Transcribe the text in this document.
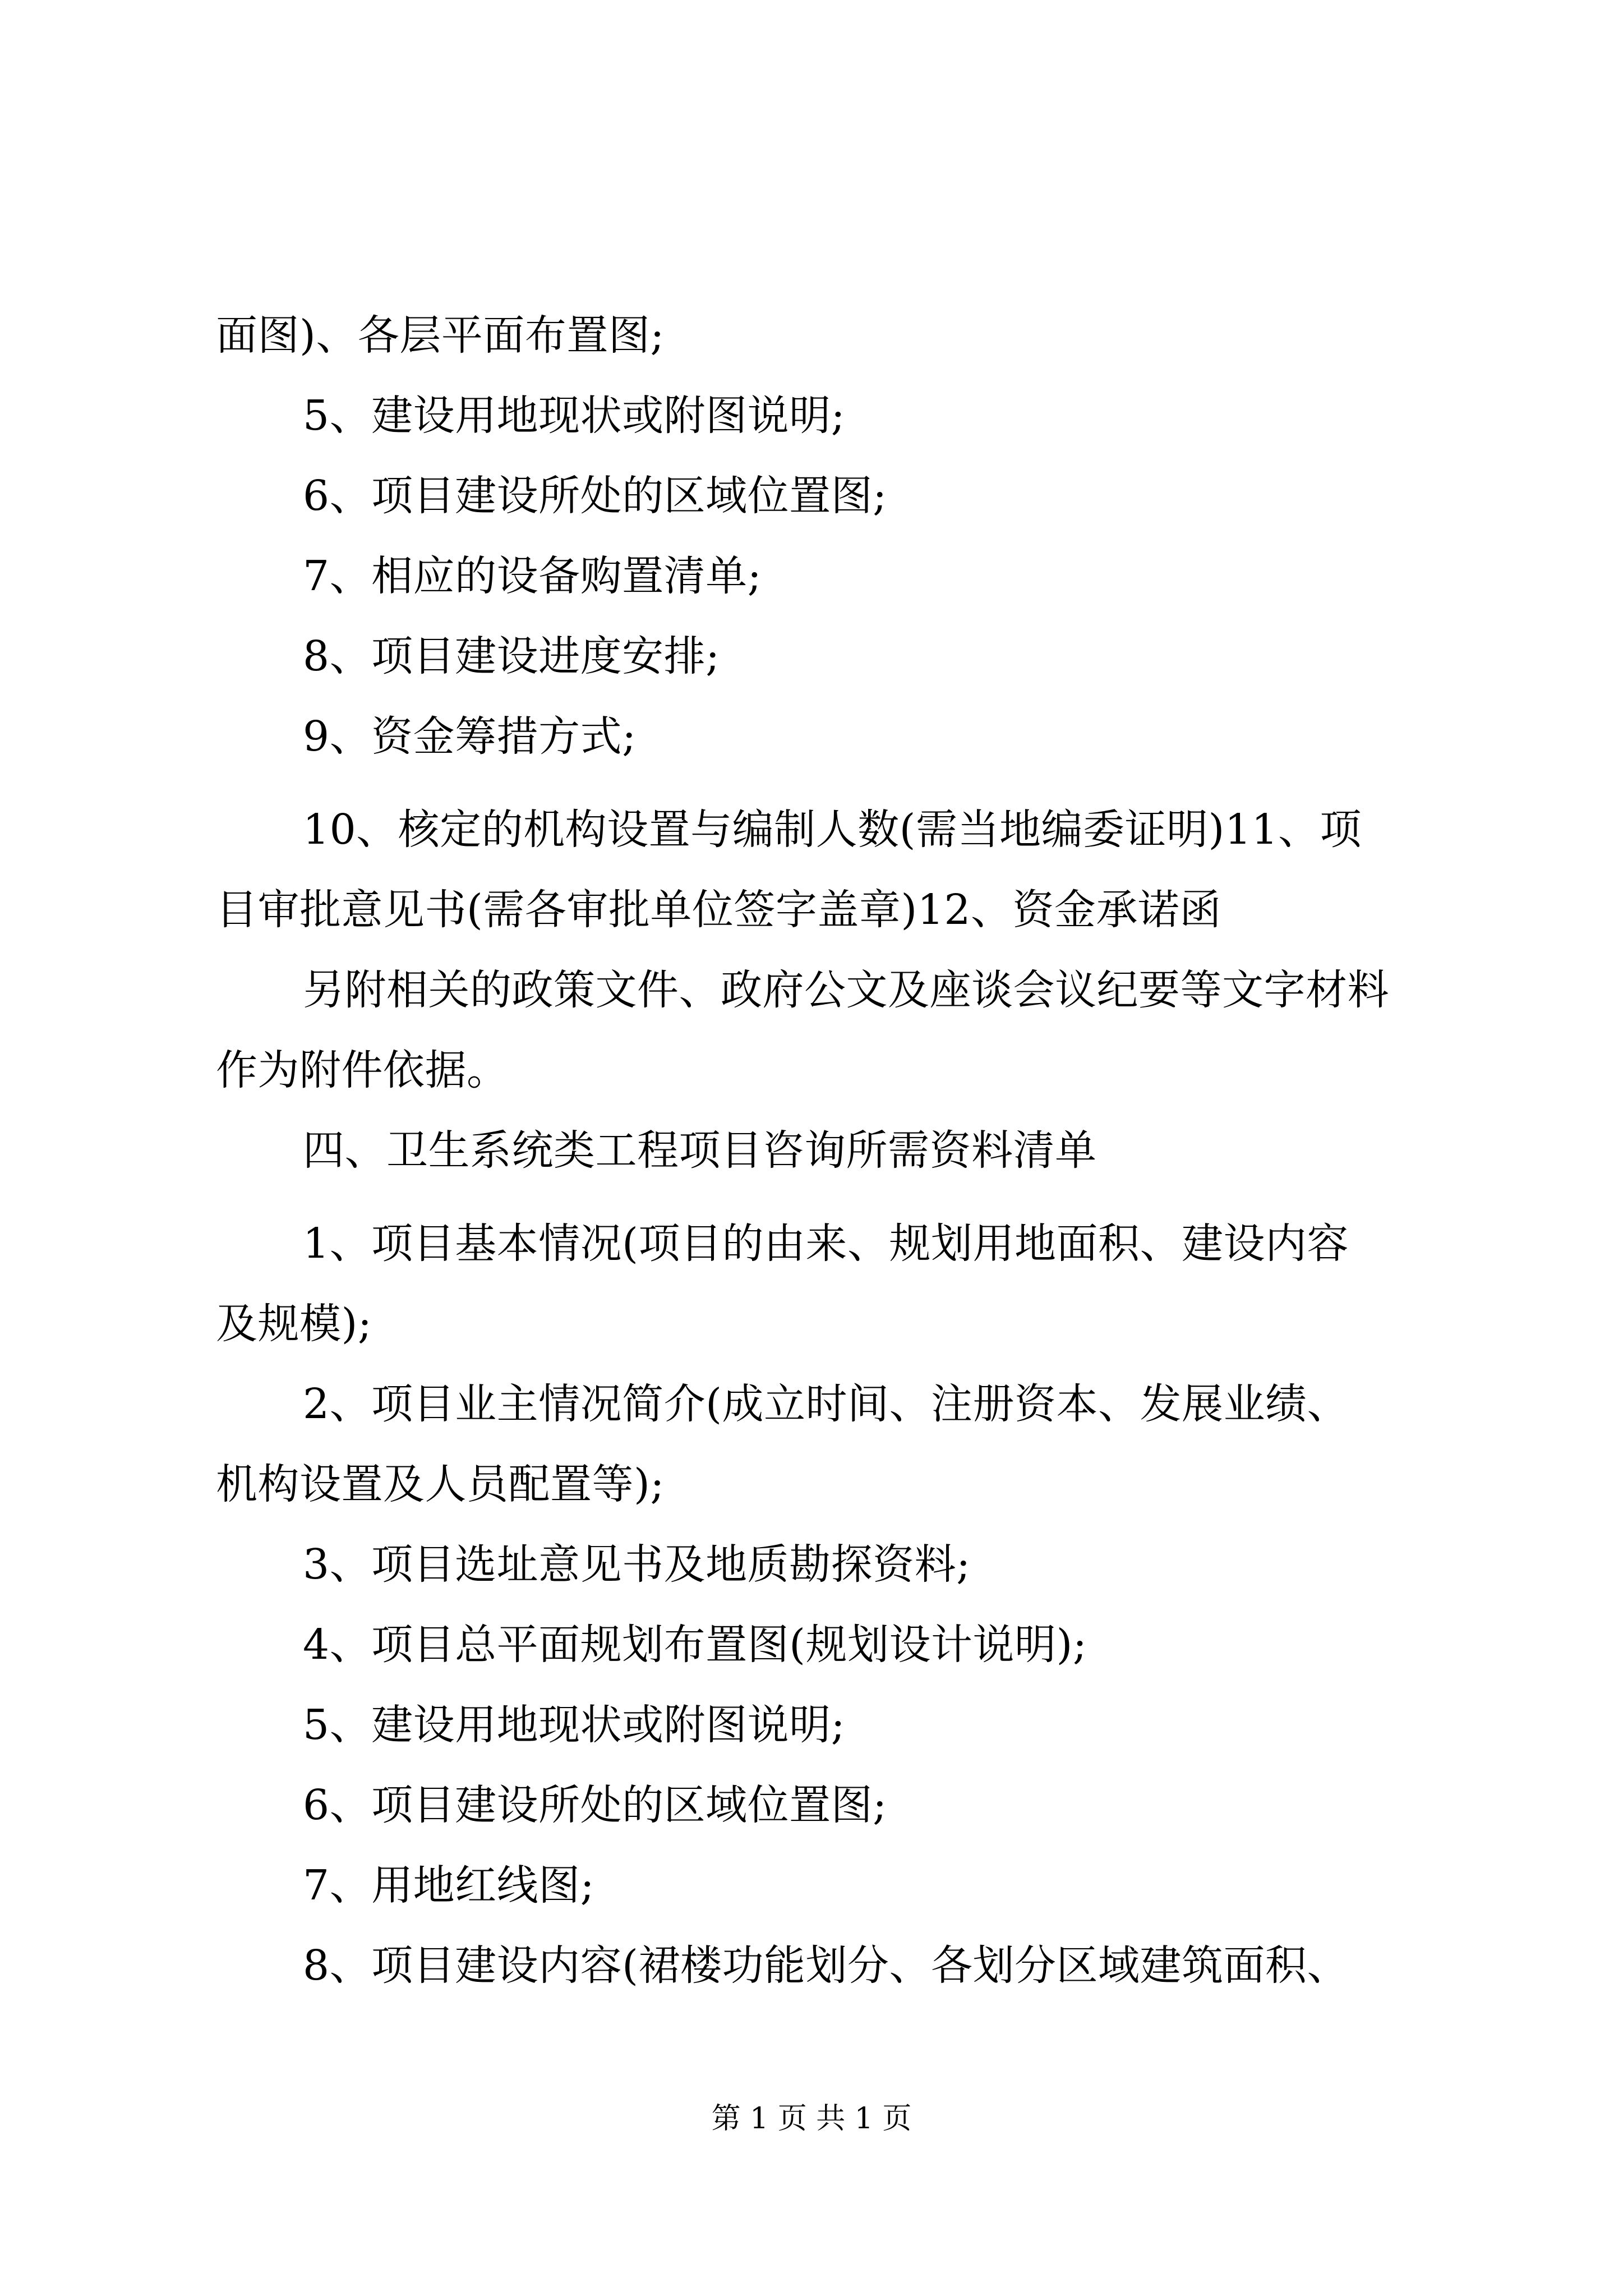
面图)、各层平面布置图;
5、建设用地现状或附图说明;
6、项目建设所处的区域位置图;
7、相应的设备购置清单;
8、项目建设进度安排;
9、资金筹措方式;
10、核定的机构设置与编制人数(需当地编委证明)11、项
目审批意见书(需各审批单位签字盖章)12、资金承诺函
另附相关的政策文件、政府公文及座谈会议纪要等文字材料
作为附件依据。
四、卫生系统类工程项目咨询所需资料清单
1、项目基本情况(项目的由来、规划用地面积、建设内容
及规模);
2、项目业主情况简介(成立时间、注册资本、发展业绩、
机构设置及人员配置等);
3、项目选址意见书及地质勘探资料;
4、项目总平面规划布置图(规划设计说明);
5、建设用地现状或附图说明;
6、项目建设所处的区域位置图;
7、用地红线图;
8、项目建设内容(裙楼功能划分、各划分区域建筑面积、
第 1 页 共 1 页
